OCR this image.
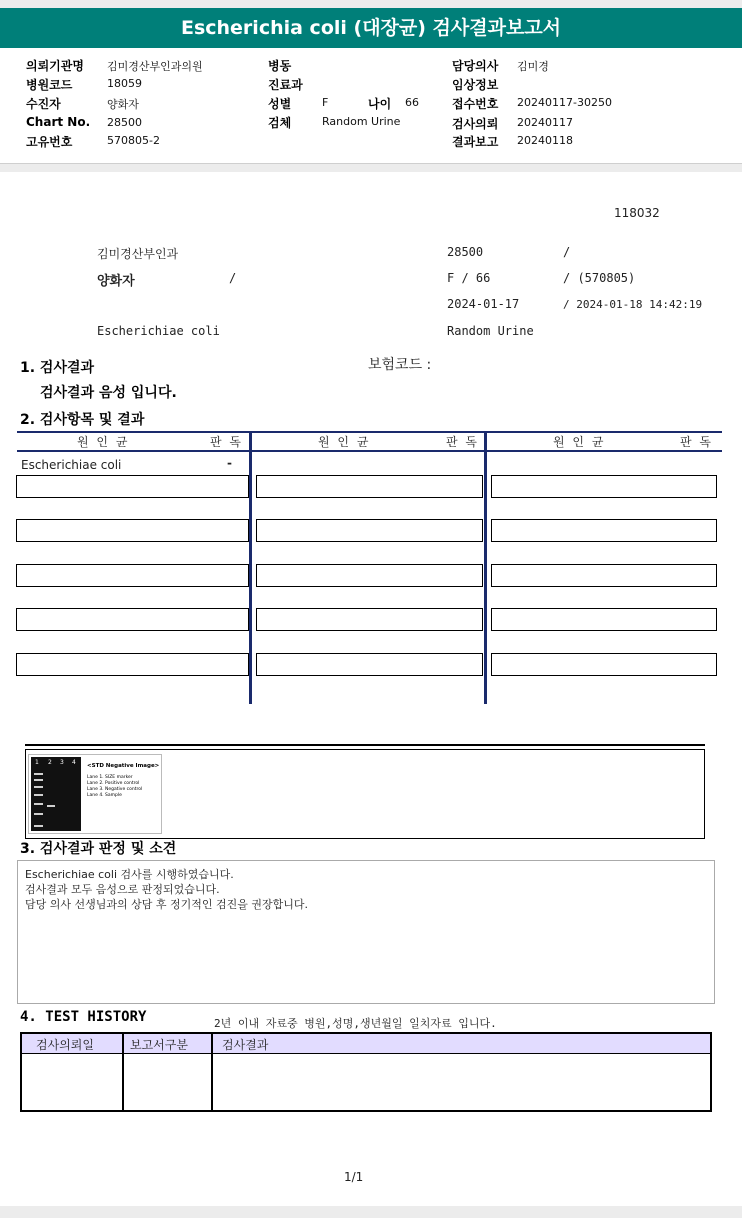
Escherichia coli (대장균) 검사결과보고서
의뢰기관명 김미경산부인과의원
병원코드	18059
수진자	양화자
Chart No. 28500
고유번호	570805-2
병동
진료과
성별	F	나이 66
검체	Random Urine
담당의사 김미경
임상정보
접수번호 20240117-30250
검사의뢰 20240117
결과보고 20240118
118032
김미경산부인과	28500	/
양화자	/	F / 66	/ (570805)
2024-01-17	/ 2024-01-18 14:42:19
Escherichiae coli	Random Urine
1. 검사결과	보험코드 :
검사결과 음성 입니다.
2. 검사항목 및 결과
원 인 균	판 독	원 인 균	판 독	원 인 균	판 독
Escherichiae coli	-
1 2 3 4 <STD Negative Image>
Lane 1. SIZE marker
Lane 2. Positive control
Lane 3. Negative control
Lane 4. Sample
3. 검사결과 판정 및 소견
Escherichiae coli 검사를 시행하였습니다.
검사결과 모두 음성으로 판정되었습니다.
담당 의사 선생님과의 상담 후 정기적인 검진을 권장합니다.
4. TEST HISTORY	2년 이내 자료중 병원,성명,생년월일 일치자료 입니다.
검사의뢰일	보고서구분	검사결과
1/1
